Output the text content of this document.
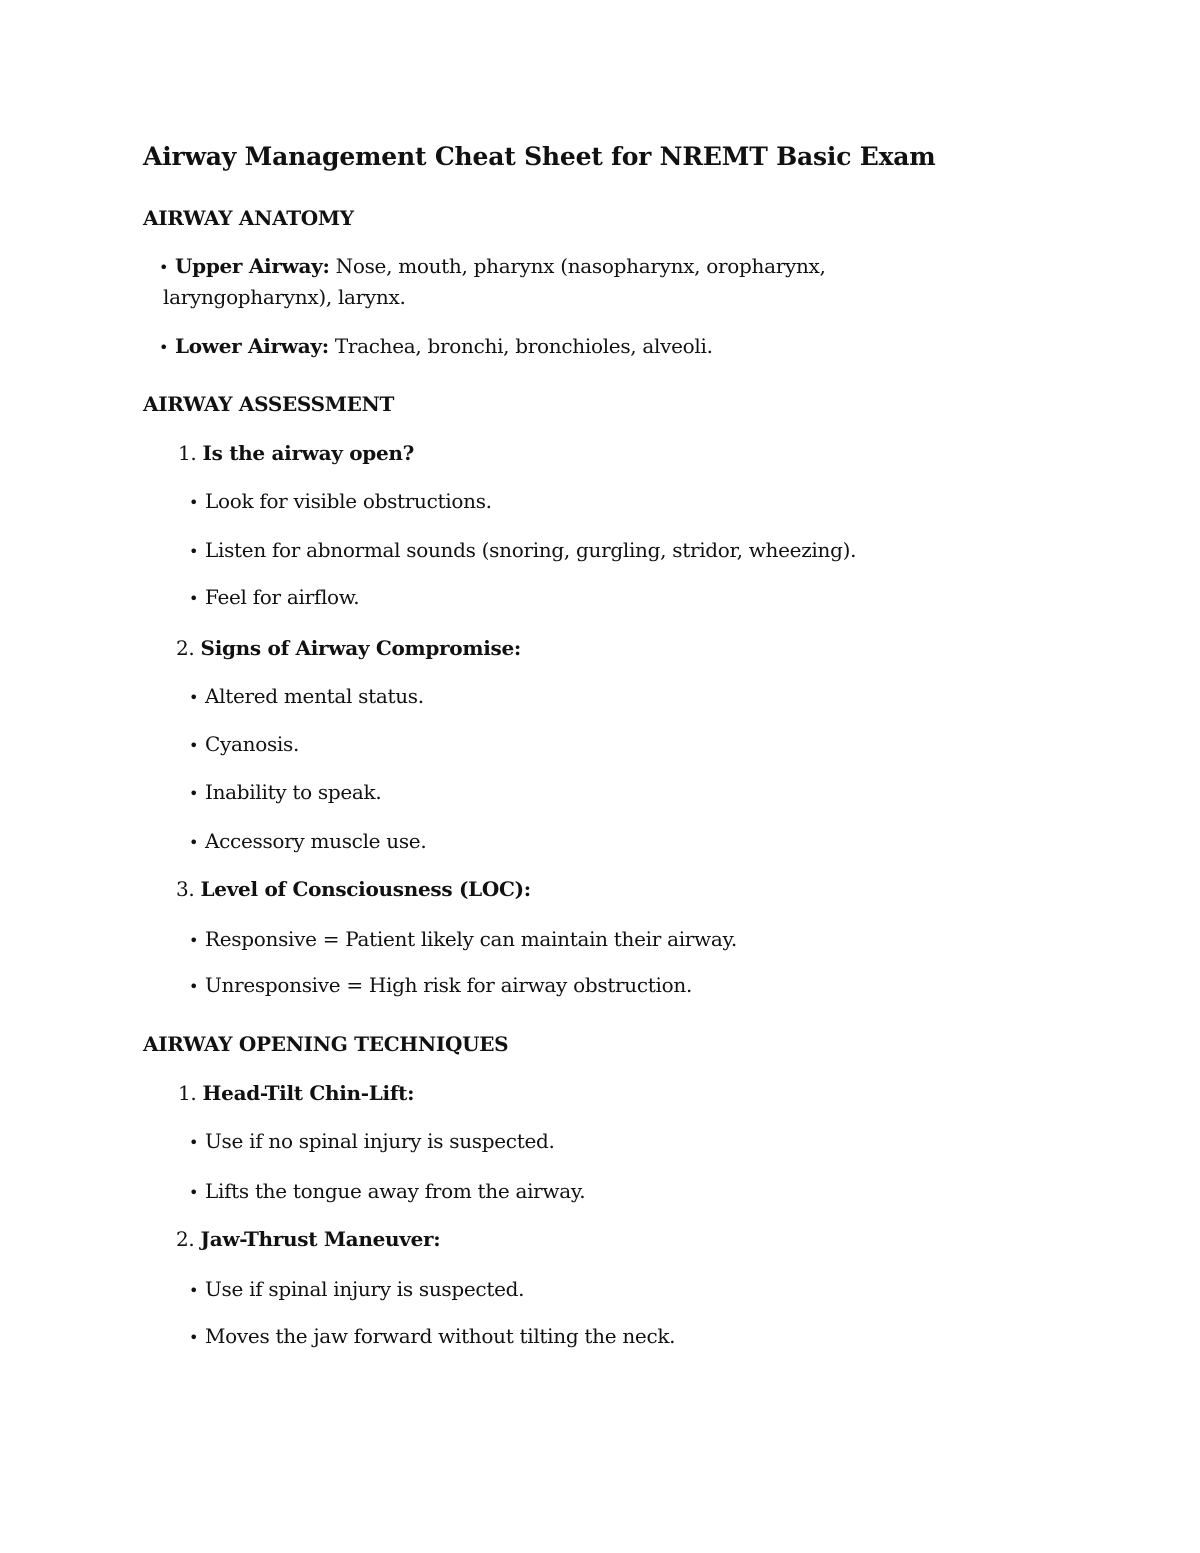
Airway Management Cheat Sheet for NREMT Basic Exam
AIRWAY ANATOMY
• Upper Airway: Nose, mouth, pharynx (nasopharynx, oropharynx,
laryngopharynx), larynx.
• Lower Airway: Trachea, bronchi, bronchioles, alveoli.
AIRWAY ASSESSMENT
1. Is the airway open?
• Look for visible obstructions.
• Listen for abnormal sounds (snoring, gurgling, stridor, wheezing).
• Feel for airflow.
2. Signs of Airway Compromise:
• Altered mental status.
• Cyanosis.
• Inability to speak.
• Accessory muscle use.
3. Level of Consciousness (LOC):
• Responsive = Patient likely can maintain their airway.
• Unresponsive = High risk for airway obstruction.
AIRWAY OPENING TECHNIQUES
1. Head-Tilt Chin-Lift:
• Use if no spinal injury is suspected.
• Lifts the tongue away from the airway.
2. Jaw-Thrust Maneuver:
• Use if spinal injury is suspected.
• Moves the jaw forward without tilting the neck.
